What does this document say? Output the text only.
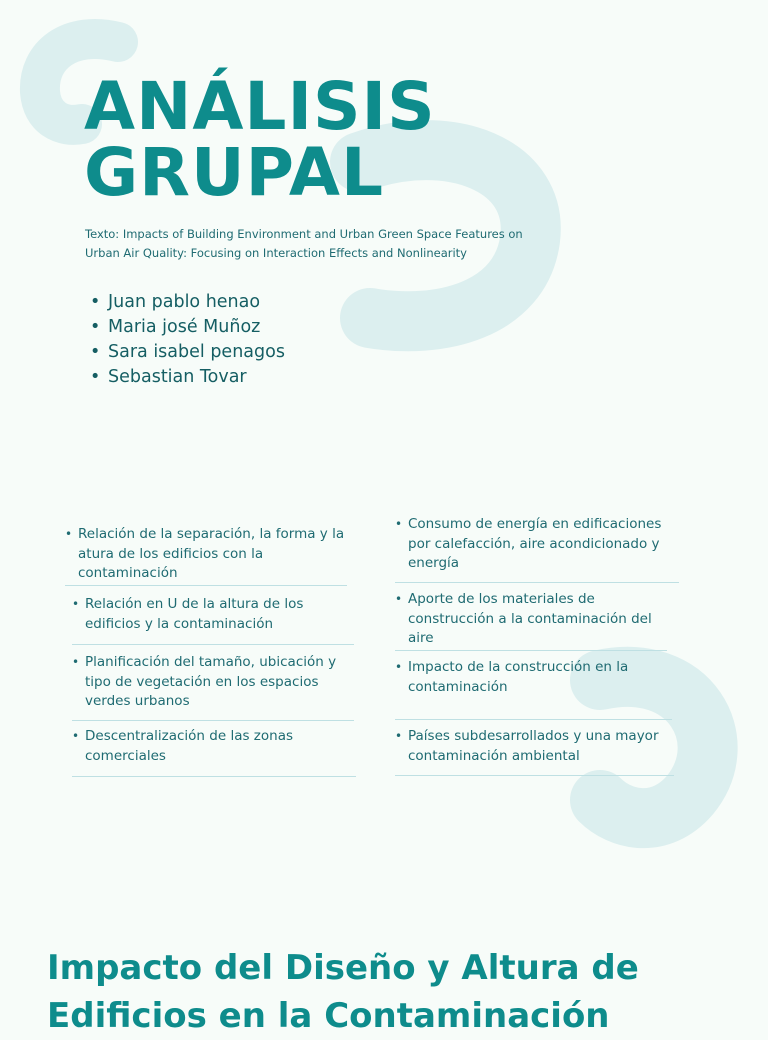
ANÁLISIS
GRUPAL

Texto: Impacts of Building Environment and Urban Green Space Features on Urban Air Quality: Focusing on Interaction Effects and Nonlinearity

• Juan pablo henao
• Maria josé Muñoz
• Sara isabel penagos
• Sebastian Tovar
• Relación de la separación, la forma y la atura de los edificios con la contaminación
• Relación en U de la altura de los edificios y la contaminación
• Planificación del tamaño, ubicación y tipo de vegetación en los espacios verdes urbanos
• Descentralización de las zonas comerciales
• Consumo de energía en edificaciones por calefacción, aire acondicionado y energía
• Aporte de los materiales de construcción a la contaminación del aire
• Impacto de la construcción en la contaminación
• Países subdesarrollados y una mayor contaminación ambiental
Impacto del Diseño y Altura de Edificios en la Contaminación
